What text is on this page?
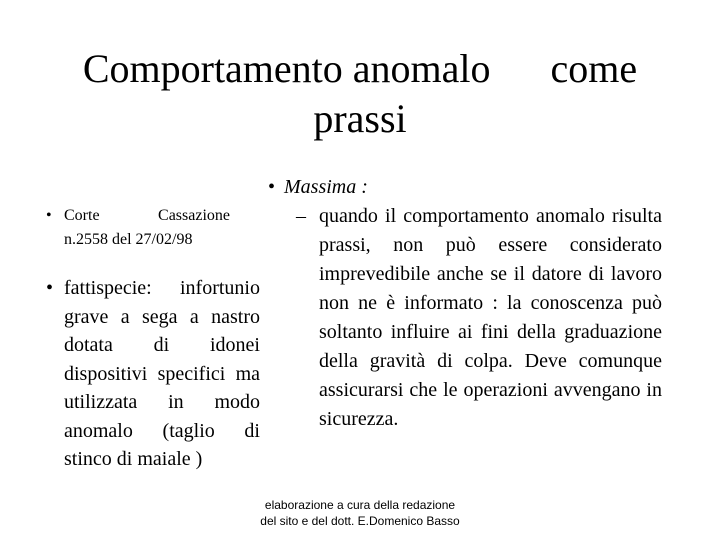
Comportamento anomalo      come
prassi
• Corte	Cassazione
n.2558 del 27/02/98
• fattispecie: infortunio grave a sega a nastro dotata di idonei dispositivi specifici ma utilizzata in modo anomalo (taglio di stinco di maiale )
• Massima :
– quando il comportamento anomalo risulta prassi, non può essere considerato imprevedibile anche se il datore di lavoro non ne è informato : la conoscenza può soltanto influire ai fini della graduazione della gravità di colpa. Deve comunque assicurarsi che le operazioni avvengano in sicurezza.
elaborazione a cura della redazione
del sito e del dott. E.Domenico Basso
